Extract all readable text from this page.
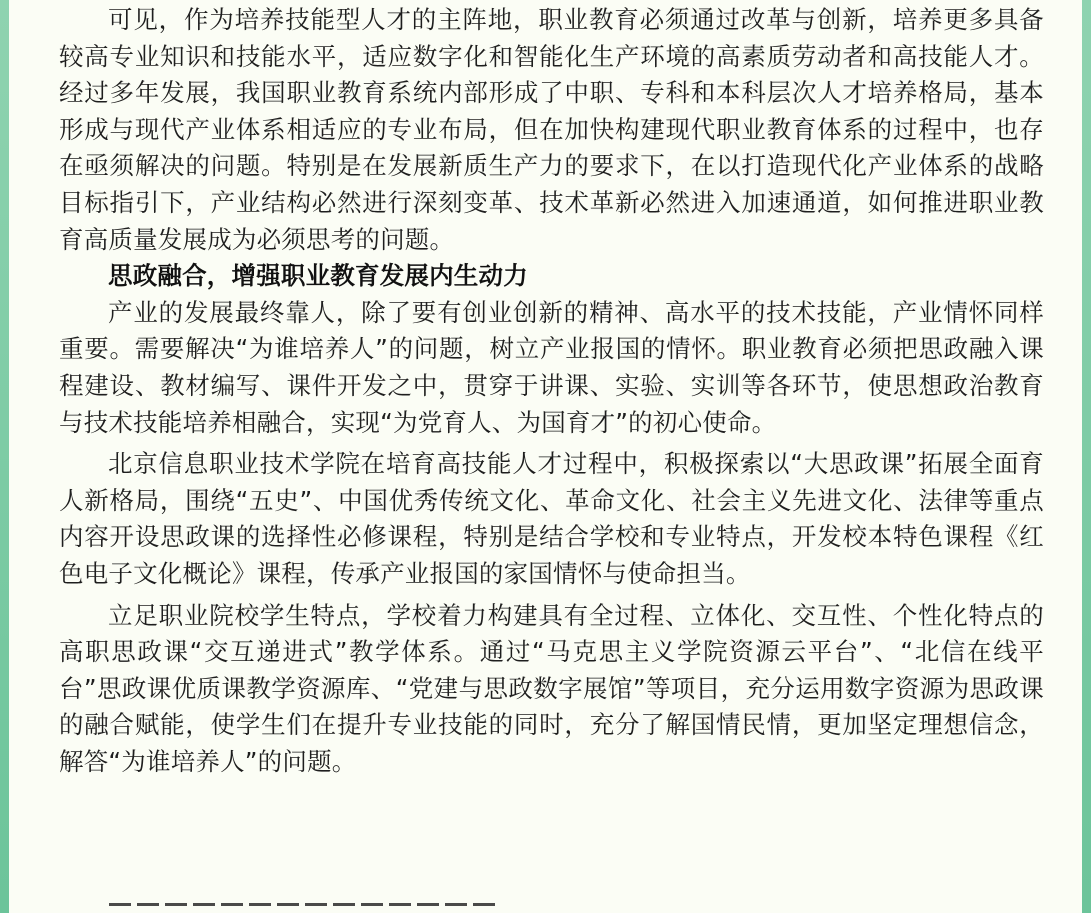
可见，作为培养技能型人才的主阵地，职业教育必须通过改革与创新，培养更多具备较高专业知识和技能水平，适应数字化和智能化生产环境的高素质劳动者和高技能人才。经过多年发展，我国职业教育系统内部形成了中职、专科和本科层次人才培养格局，基本形成与现代产业体系相适应的专业布局，但在加快构建现代职业教育体系的过程中，也存在亟须解决的问题。特别是在发展新质生产力的要求下，在以打造现代化产业体系的战略目标指引下，产业结构必然进行深刻变革、技术革新必然进入加速通道，如何推进职业教育高质量发展成为必须思考的问题。

思政融合，增强职业教育发展内生动力

产业的发展最终靠人，除了要有创业创新的精神、高水平的技术技能，产业情怀同样重要。需要解决“为谁培养人”的问题，树立产业报国的情怀。职业教育必须把思政融入课程建设、教材编写、课件开发之中，贯穿于讲课、实验、实训等各环节，使思想政治教育与技术技能培养相融合，实现“为党育人、为国育才”的初心使命。

北京信息职业技术学院在培育高技能人才过程中，积极探索以“大思政课”拓展全面育人新格局，围绕“五史”、中国优秀传统文化、革命文化、社会主义先进文化、法律等重点内容开设思政课的选择性必修课程，特别是结合学校和专业特点，开发校本特色课程《红色电子文化概论》课程，传承产业报国的家国情怀与使命担当。

立足职业院校学生特点，学校着力构建具有全过程、立体化、交互性、个性化特点的高职思政课“交互递进式”教学体系。通过“马克思主义学院资源云平台”、“北信在线平台”思政课优质课教学资源库、“党建与思政数字展馆”等项目，充分运用数字资源为思政课的融合赋能，使学生们在提升专业技能的同时，充分了解国情民情，更加坚定理想信念，解答“为谁培养人”的问题。
